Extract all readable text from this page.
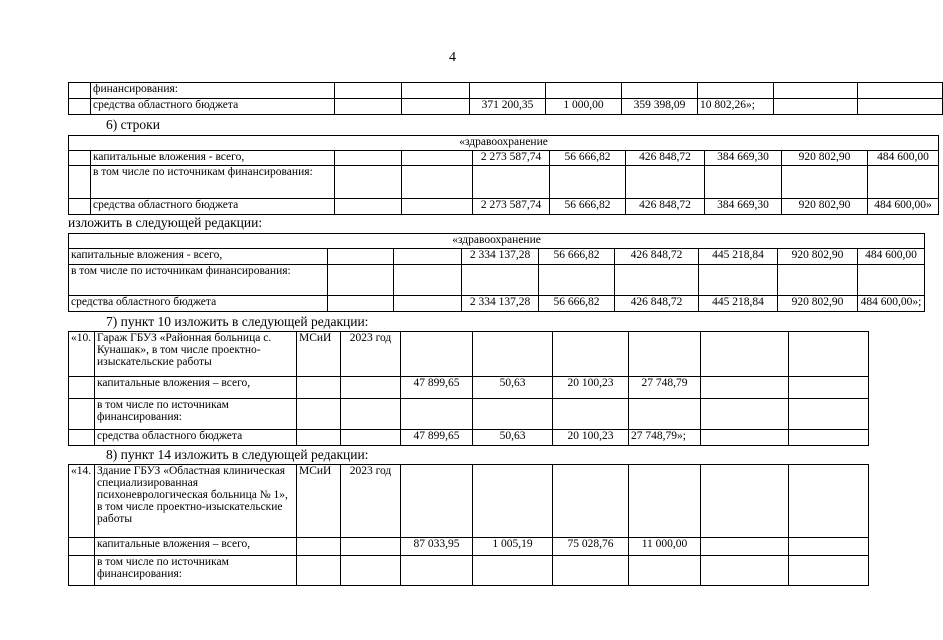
4
	финансирования:								
	средства областного бюджета			371 200,35	1 000,00	359 398,09	10 802,26»;		
6) строки
«здравоохранение									
	капитальные вложения - всего,			2 273 587,74	56 666,82	426 848,72	384 669,30	920 802,90	484 600,00
	в том числе по источникам финансирования:								
	средства областного бюджета			2 273 587,74	56 666,82	426 848,72	384 669,30	920 802,90	484 600,00»
изложить в следующей редакции:
«здравоохранение								
капитальные вложения - всего,			2 334 137,28	56 666,82	426 848,72	445 218,84	920 802,90	484 600,00
в том числе по источникам финансирования:								
средства областного бюджета			2 334 137,28	56 666,82	426 848,72	445 218,84	920 802,90	484 600,00»;
7) пункт 10 изложить в следующей редакции:
«10.	Гараж ГБУЗ «Районная больница с. Кунашак», в том числе проектно-изыскательские работы	МСиИ	2023 год						
	капитальные вложения – всего,			47 899,65	50,63	20 100,23	27 748,79		
	в том числе по источникам финансирования:								
	средства областного бюджета			47 899,65	50,63	20 100,23	27 748,79»;		
8) пункт 14 изложить в следующей редакции:
«14.	Здание ГБУЗ «Областная клиническая специализированная психоневрологическая больница № 1», в том числе проектно-изыскательские работы	МСиИ	2023 год						
	капитальные вложения – всего,			87 033,95	1 005,19	75 028,76	11 000,00		
	в том числе по источникам финансирования:								
